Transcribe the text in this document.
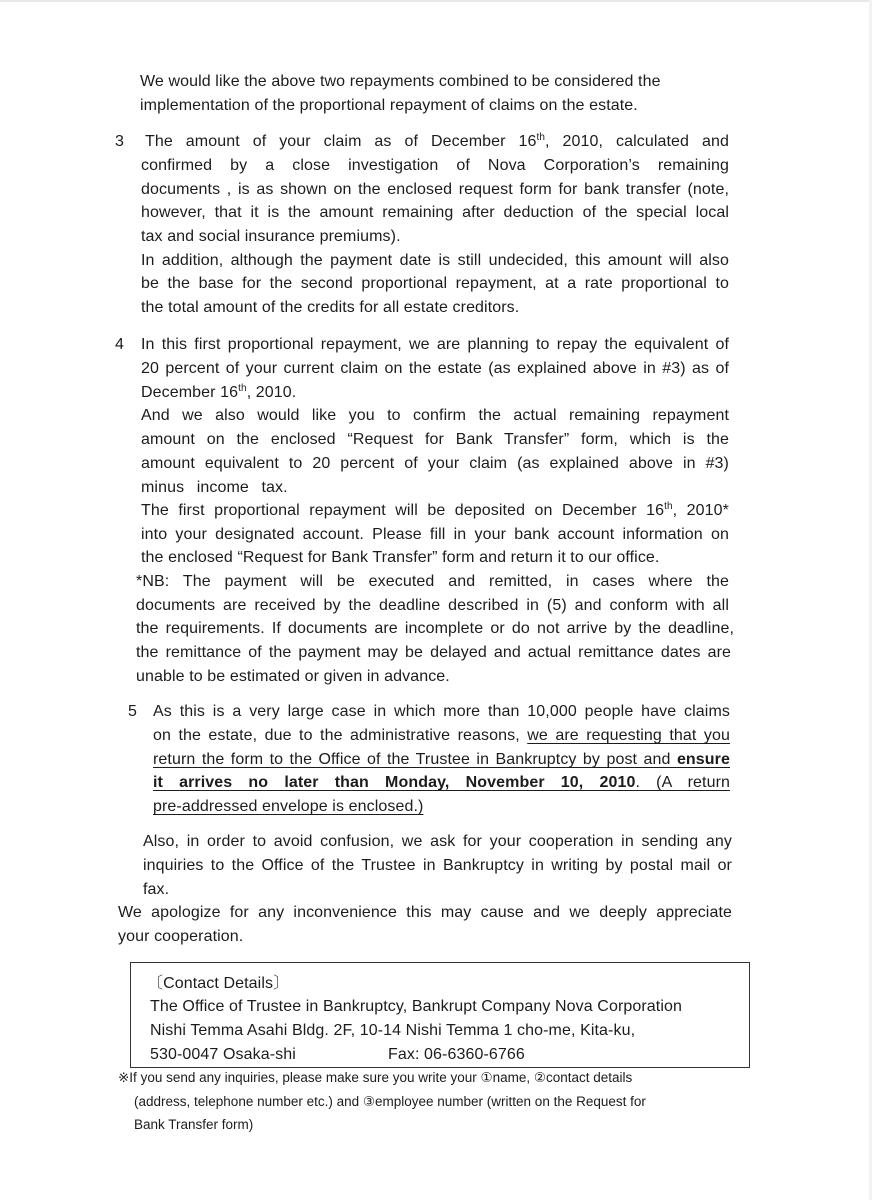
We would like the above two repayments combined to be considered the
implementation of the proportional repayment of claims on the estate.
3 The amount of your claim as of December 16th, 2010, calculated and
confirmed by a close investigation of Nova Corporation’s remaining
documents , is as shown on the enclosed request form for bank transfer (note,
however, that it is the amount remaining after deduction of the special local
tax and social insurance premiums).
In addition, although the payment date is still undecided, this amount will also
be the base for the second proportional repayment, at a rate proportional to
the total amount of the credits for all estate creditors.
4 In this first proportional repayment, we are planning to repay the equivalent of
20 percent of your current claim on the estate (as explained above in #3) as of
December 16th, 2010.
And we also would like you to confirm the actual remaining repayment
amount on the enclosed “Request for Bank Transfer” form, which is the
amount equivalent to 20 percent of your claim (as explained above in #3)
minus income tax.
The first proportional repayment will be deposited on December 16th, 2010*
into your designated account. Please fill in your bank account information on
the enclosed “Request for Bank Transfer” form and return it to our office.
*NB: The payment will be executed and remitted, in cases where the
documents are received by the deadline described in (5) and conform with all
the requirements. If documents are incomplete or do not arrive by the deadline,
the remittance of the payment may be delayed and actual remittance dates are
unable to be estimated or given in advance.
5 As this is a very large case in which more than 10,000 people have claims
on the estate, due to the administrative reasons, we are requesting that you
return the form to the Office of the Trustee in Bankruptcy by post and ensure
it arrives no later than Monday, November 10, 2010. (A return
pre-addressed envelope is enclosed.)
Also, in order to avoid confusion, we ask for your cooperation in sending any
inquiries to the Office of the Trustee in Bankruptcy in writing by postal mail or
fax.
We apologize for any inconvenience this may cause and we deeply appreciate
your cooperation.
〔Contact Details〕
The Office of Trustee in Bankruptcy, Bankrupt Company Nova Corporation
Nishi Temma Asahi Bldg. 2F, 10-14 Nishi Temma 1 cho-me, Kita-ku,
530-0047 Osaka-shi	Fax: 06-6360-6766
※If you send any inquiries, please make sure you write your ①name, ②contact details
(address, telephone number etc.) and ③employee number (written on the Request for
Bank Transfer form)
